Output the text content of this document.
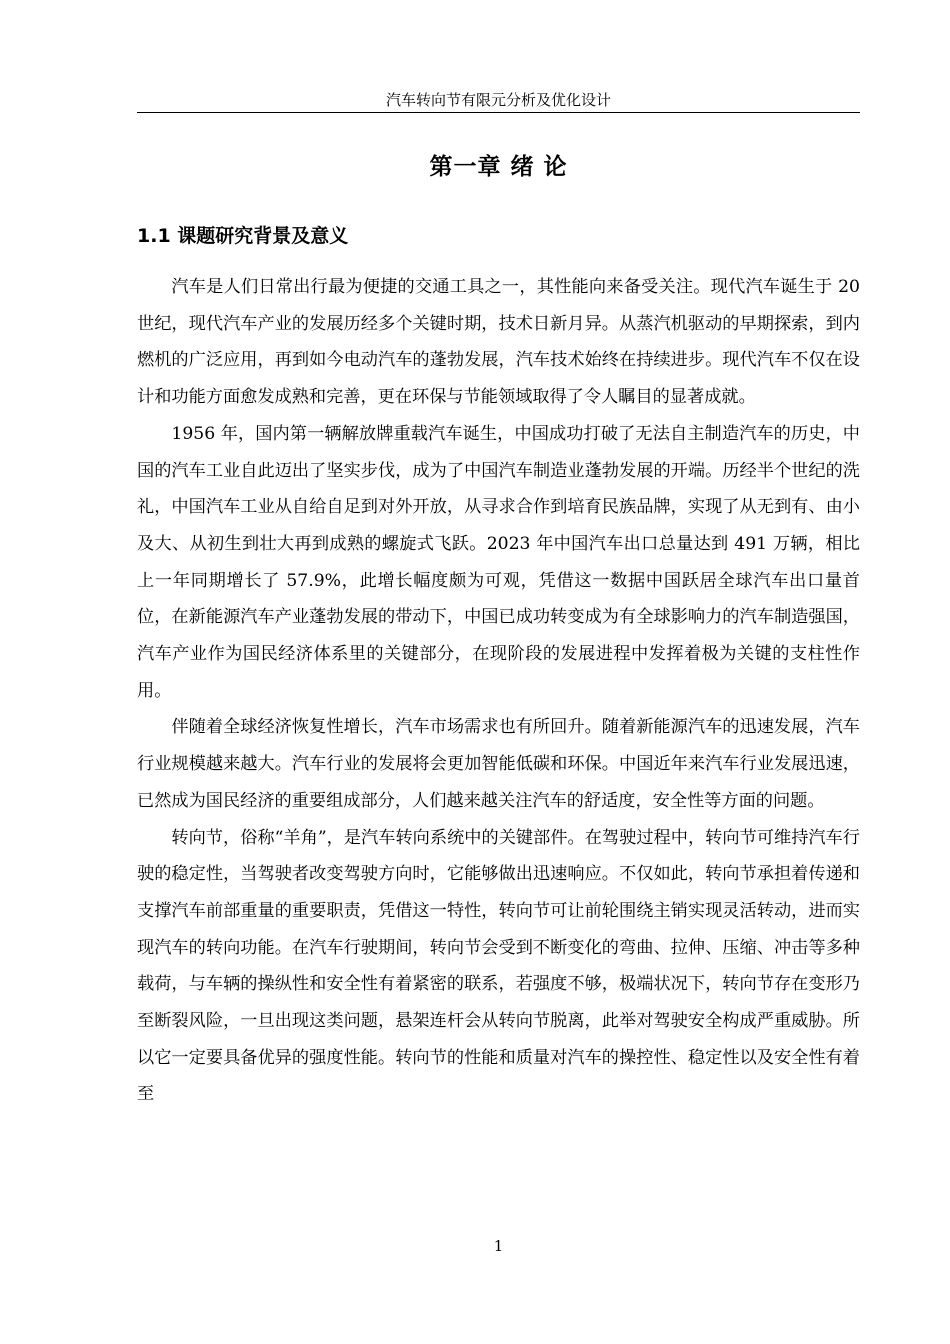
汽车转向节有限元分析及优化设计
第一章 绪 论
1.1 课题研究背景及意义

汽车是人们日常出行最为便捷的交通工具之一，其性能向来备受关注。现代汽车诞生于 20 世纪，现代汽车产业的发展历经多个关键时期，技术日新月异。从蒸汽机驱动的早期探索，到内燃机的广泛应用，再到如今电动汽车的蓬勃发展，汽车技术始终在持续进步。现代汽车不仅在设计和功能方面愈发成熟和完善，更在环保与节能领域取得了令人瞩目的显著成就。

1956 年，国内第一辆解放牌重载汽车诞生，中国成功打破了无法自主制造汽车的历史，中国的汽车工业自此迈出了坚实步伐，成为了中国汽车制造业蓬勃发展的开端。历经半个世纪的洗礼，中国汽车工业从自给自足到对外开放，从寻求合作到培育民族品牌，实现了从无到有、由小及大、从初生到壮大再到成熟的螺旋式飞跃。2023 年中国汽车出口总量达到 491 万辆，相比上一年同期增长了 57.9%，此增长幅度颇为可观，凭借这一数据中国跃居全球汽车出口量首位，在新能源汽车产业蓬勃发展的带动下，中国已成功转变成为有全球影响力的汽车制造强国，汽车产业作为国民经济体系里的关键部分，在现阶段的发展进程中发挥着极为关键的支柱性作用。

伴随着全球经济恢复性增长，汽车市场需求也有所回升。随着新能源汽车的迅速发展，汽车行业规模越来越大。汽车行业的发展将会更加智能低碳和环保。中国近年来汽车行业发展迅速，已然成为国民经济的重要组成部分，人们越来越关注汽车的舒适度，安全性等方面的问题。

转向节，俗称“羊角”，是汽车转向系统中的关键部件。在驾驶过程中，转向节可维持汽车行驶的稳定性，当驾驶者改变驾驶方向时，它能够做出迅速响应。不仅如此，转向节承担着传递和支撑汽车前部重量的重要职责，凭借这一特性，转向节可让前轮围绕主销实现灵活转动，进而实现汽车的转向功能。在汽车行驶期间，转向节会受到不断变化的弯曲、拉伸、压缩、冲击等多种载荷，与车辆的操纵性和安全性有着紧密的联系，若强度不够，极端状况下，转向节存在变形乃至断裂风险，一旦出现这类问题，悬架连杆会从转向节脱离，此举对驾驶安全构成严重威胁。所以它一定要具备优异的强度性能。转向节的性能和质量对汽车的操控性、稳定性以及安全性有着至

1
